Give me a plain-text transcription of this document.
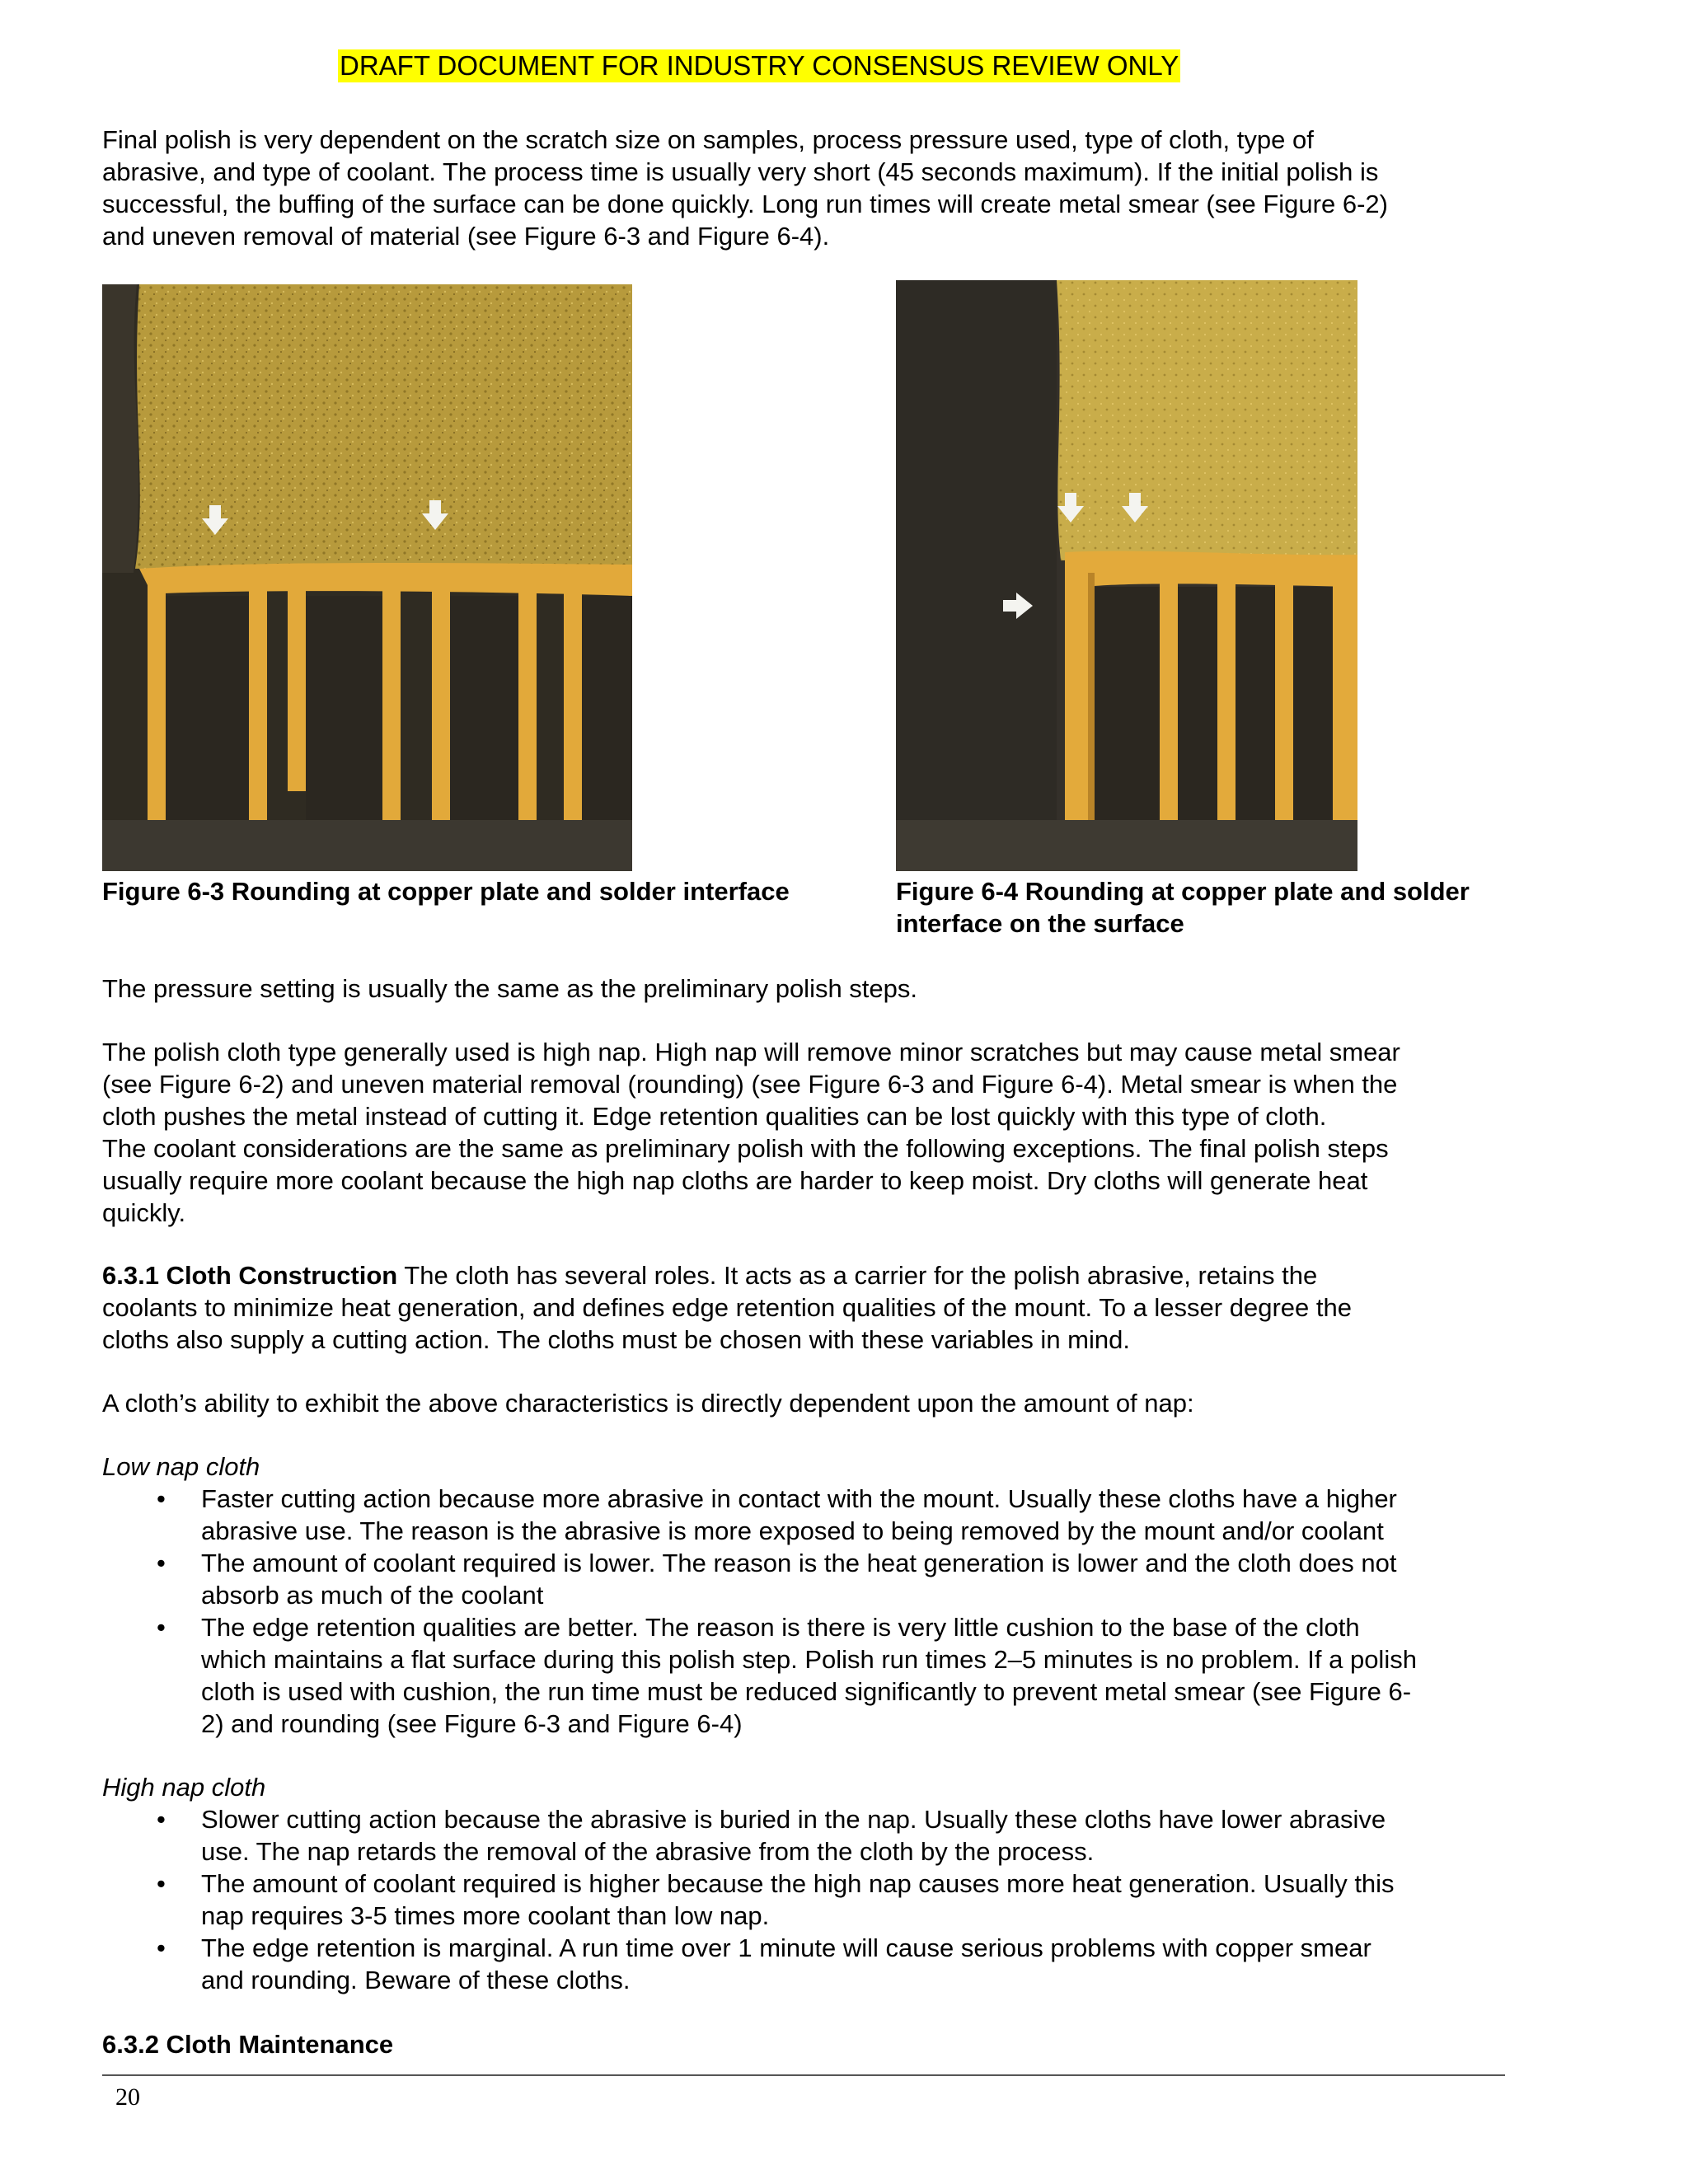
DRAFT DOCUMENT FOR INDUSTRY CONSENSUS REVIEW ONLY

Final polish is very dependent on the scratch size on samples, process pressure used, type of cloth, type of

abrasive, and type of coolant. The process time is usually very short (45 seconds maximum). If the initial polish is

successful, the buffing of the surface can be done quickly. Long run times will create metal smear (see Figure 6-2)

and uneven removal of material (see Figure 6-3 and Figure 6-4).

Figure 6-3 Rounding at copper plate and solder interface	Figure 6-4 Rounding at copper plate and solder
interface on the surface

The pressure setting is usually the same as the preliminary polish steps.

The polish cloth type generally used is high nap. High nap will remove minor scratches but may cause metal smear

(see Figure 6-2) and uneven material removal (rounding) (see Figure 6-3 and Figure 6-4). Metal smear is when the

cloth pushes the metal instead of cutting it. Edge retention qualities can be lost quickly with this type of cloth.

The coolant considerations are the same as preliminary polish with the following exceptions. The final polish steps

usually require more coolant because the high nap cloths are harder to keep moist. Dry cloths will generate heat

quickly.

6.3.1 Cloth Construction The cloth has several roles. It acts as a carrier for the polish abrasive, retains the

coolants to minimize heat generation, and defines edge retention qualities of the mount. To a lesser degree the

cloths also supply a cutting action. The cloths must be chosen with these variables in mind.

A cloth’s ability to exhibit the above characteristics is directly dependent upon the amount of nap:

Low nap cloth

• Faster cutting action because more abrasive in contact with the mount. Usually these cloths have a higher
abrasive use. The reason is the abrasive is more exposed to being removed by the mount and/or coolant
• The amount of coolant required is lower. The reason is the heat generation is lower and the cloth does not
absorb as much of the coolant
• The edge retention qualities are better. The reason is there is very little cushion to the base of the cloth
which maintains a flat surface during this polish step. Polish run times 2–5 minutes is no problem. If a polish
cloth is used with cushion, the run time must be reduced significantly to prevent metal smear (see Figure 6-
2) and rounding (see Figure 6-3 and Figure 6-4)

High nap cloth

• Slower cutting action because the abrasive is buried in the nap. Usually these cloths have lower abrasive
use. The nap retards the removal of the abrasive from the cloth by the process.
• The amount of coolant required is higher because the high nap causes more heat generation. Usually this
nap requires 3-5 times more coolant than low nap.
• The edge retention is marginal. A run time over 1 minute will cause serious problems with copper smear
and rounding. Beware of these cloths.

6.3.2 Cloth Maintenance

20
